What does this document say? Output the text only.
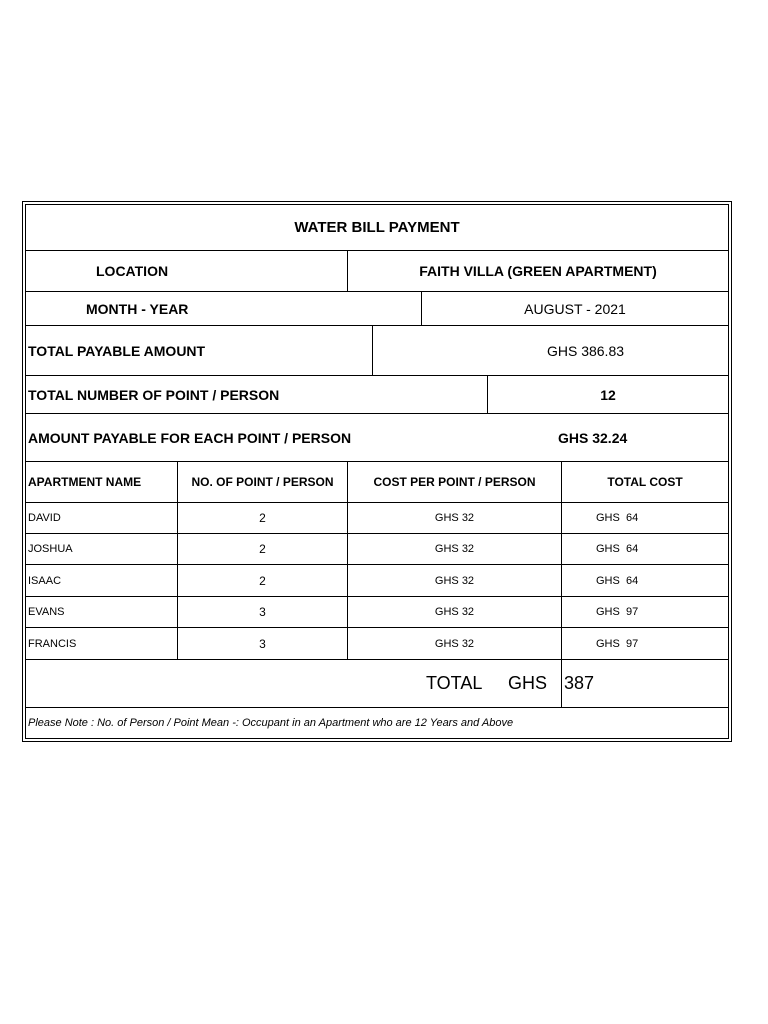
WATER BILL PAYMENT
LOCATION	FAITH VILLA (GREEN APARTMENT)
MONTH - YEAR	AUGUST - 2021
TOTAL PAYABLE AMOUNT	GHS 386.83
TOTAL NUMBER OF POINT / PERSON	12
AMOUNT PAYABLE FOR EACH POINT / PERSON	GHS 32.24
APARTMENT NAME	NO. OF POINT / PERSON	COST PER POINT / PERSON	TOTAL COST
DAVID	2	GHS 32	GHS  64
JOSHUA	2	GHS 32	GHS  64
ISAAC	2	GHS 32	GHS  64
EVANS	3	GHS 32	GHS  97
FRANCIS	3	GHS 32	GHS  97
TOTAL	GHS 387
Please Note : No. of Person / Point Mean -: Occupant in an Apartment who are 12 Years and Above
